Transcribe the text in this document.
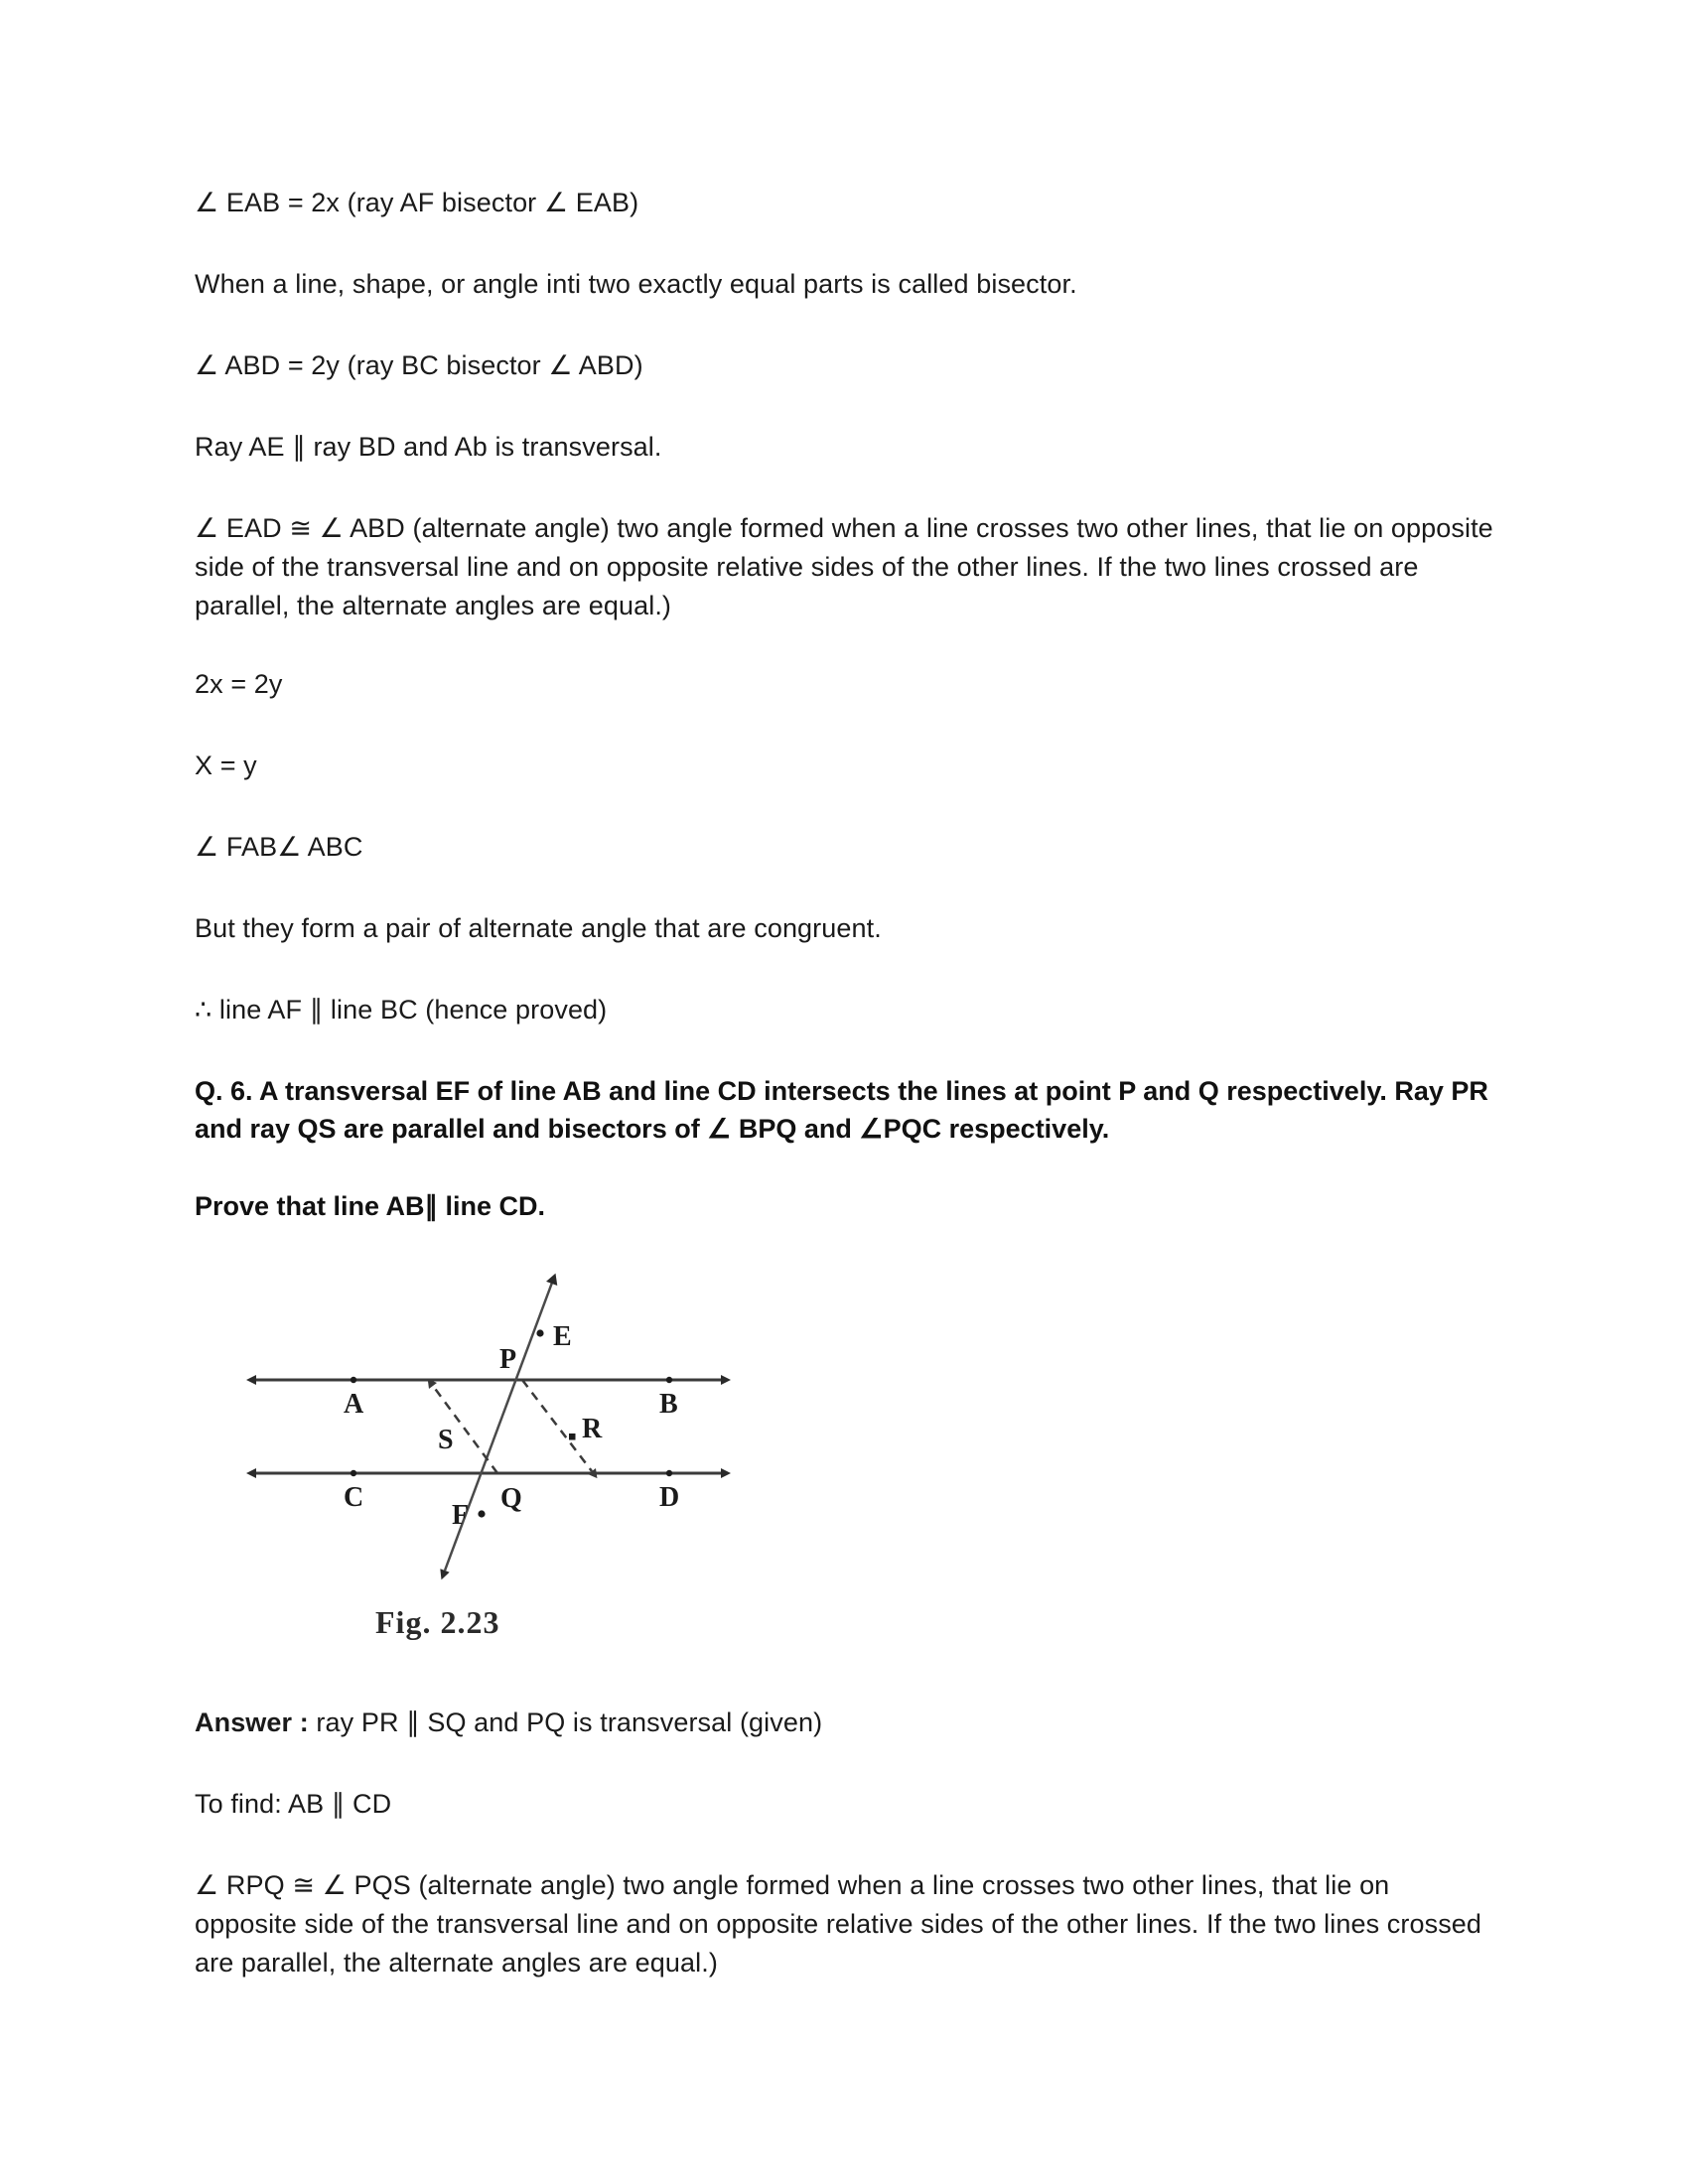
∠ EAB = 2x (ray AF bisector ∠ EAB)

When a line, shape, or angle inti two exactly equal parts is called bisector.

∠ ABD = 2y (ray BC bisector ∠ ABD)

Ray AE ∥ ray BD and Ab is transversal.

∠ EAD ≅ ∠ ABD (alternate angle) two angle formed when a line crosses two other lines, that lie on opposite side of the transversal line and on opposite relative sides of the other lines. If the two lines crossed are parallel, the alternate angles are equal.)

2x = 2y

X = y

∠ FAB∠ ABC

But they form a pair of alternate angle that are congruent.

∴ line AF ∥ line BC (hence proved)

Q. 6. A transversal EF of line AB and line CD intersects the lines at point P and Q respectively. Ray PR and ray QS are parallel and bisectors of ∠ BPQ and ∠PQC respectively.

Prove that line AB∥ line CD.

A	B
C	D
E
F
P
Q
R
S
Fig. 2.23

Answer : ray PR ∥ SQ and PQ is transversal (given)

To find: AB ∥ CD

∠ RPQ ≅ ∠ PQS (alternate angle) two angle formed when a line crosses two other lines, that lie on opposite side of the transversal line and on opposite relative sides of the other lines. If the two lines crossed are parallel, the alternate angles are equal.)
